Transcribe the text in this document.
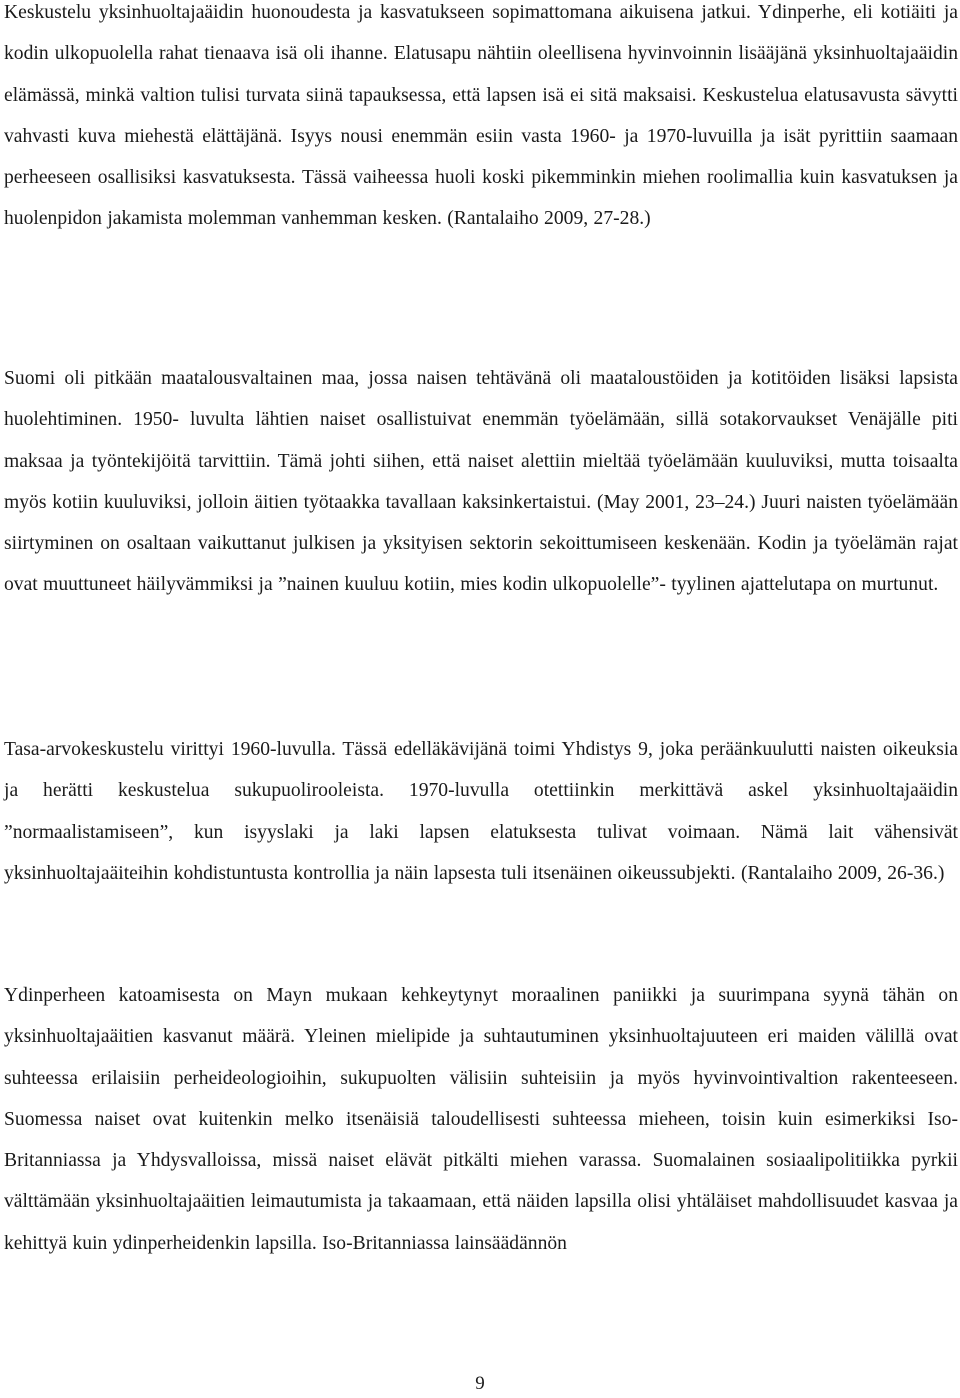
Keskustelu yksinhuoltajaäidin huonoudesta ja kasvatukseen sopimattomana aikuisena jatkui. Ydinperhe, eli kotiäiti ja kodin ulkopuolella rahat tienaava isä oli ihanne. Elatusapu nähtiin oleellisena hyvinvoinnin lisääjänä yksinhuoltajaäidin elämässä, minkä valtion tulisi turvata siinä tapauksessa, että lapsen isä ei sitä maksaisi. Keskustelua elatusavusta sävytti vahvasti kuva miehestä elättäjänä. Isyys nousi enemmän esiin vasta 1960- ja 1970-luvuilla ja isät pyrittiin saamaan perheeseen osallisiksi kasvatuksesta. Tässä vaiheessa huoli koski pikemminkin miehen roolimallia kuin kasvatuksen ja huolenpidon jakamista molemman vanhemman kesken. (Rantalaiho 2009, 27-28.)

Suomi oli pitkään maatalousvaltainen maa, jossa naisen tehtävänä oli maataloustöiden ja kotitöiden lisäksi lapsista huolehtiminen. 1950- luvulta lähtien naiset osallistuivat enemmän työelämään, sillä sotakorvaukset Venäjälle piti maksaa ja työntekijöitä tarvittiin. Tämä johti siihen, että naiset alettiin mieltää työelämään kuuluviksi, mutta toisaalta myös kotiin kuuluviksi, jolloin äitien työtaakka tavallaan kaksinkertaistui. (May 2001, 23–24.) Juuri naisten työelämään siirtyminen on osaltaan vaikuttanut julkisen ja yksityisen sektorin sekoittumiseen keskenään. Kodin ja työelämän rajat ovat muuttuneet häilyvämmiksi ja ”nainen kuuluu kotiin, mies kodin ulkopuolelle”- tyylinen ajattelutapa on murtunut.

Tasa-arvokeskustelu virittyi 1960-luvulla. Tässä edelläkävijänä toimi Yhdistys 9, joka peräänkuulutti naisten oikeuksia ja herätti keskustelua sukupuolirooleista. 1970-luvulla otettiinkin merkittävä askel yksinhuoltajaäidin ”normaalistamiseen”, kun isyyslaki ja laki lapsen elatuksesta tulivat voimaan. Nämä lait vähensivät yksinhuoltajaäiteihin kohdistuntusta kontrollia ja näin lapsesta tuli itsenäinen oikeussubjekti. (Rantalaiho 2009, 26-36.)

Ydinperheen katoamisesta on Mayn mukaan kehkeytynyt moraalinen paniikki ja suurimpana syynä tähän on yksinhuoltajaäitien kasvanut määrä. Yleinen mielipide ja suhtautuminen yksinhuoltajuuteen eri maiden välillä ovat suhteessa erilaisiin perheideologioihin, sukupuolten välisiin suhteisiin ja myös hyvinvointivaltion rakenteeseen. Suomessa naiset ovat kuitenkin melko itsenäisiä taloudellisesti suhteessa mieheen, toisin kuin esimerkiksi Iso-Britanniassa ja Yhdysvalloissa, missä naiset elävät pitkälti miehen varassa. Suomalainen sosiaalipolitiikka pyrkii välttämään yksinhuoltajaäitien leimautumista ja takaamaan, että näiden lapsilla olisi yhtäläiset mahdollisuudet kasvaa ja kehittyä kuin ydinperheidenkin lapsilla. Iso-Britanniassa lainsäädännön

9
